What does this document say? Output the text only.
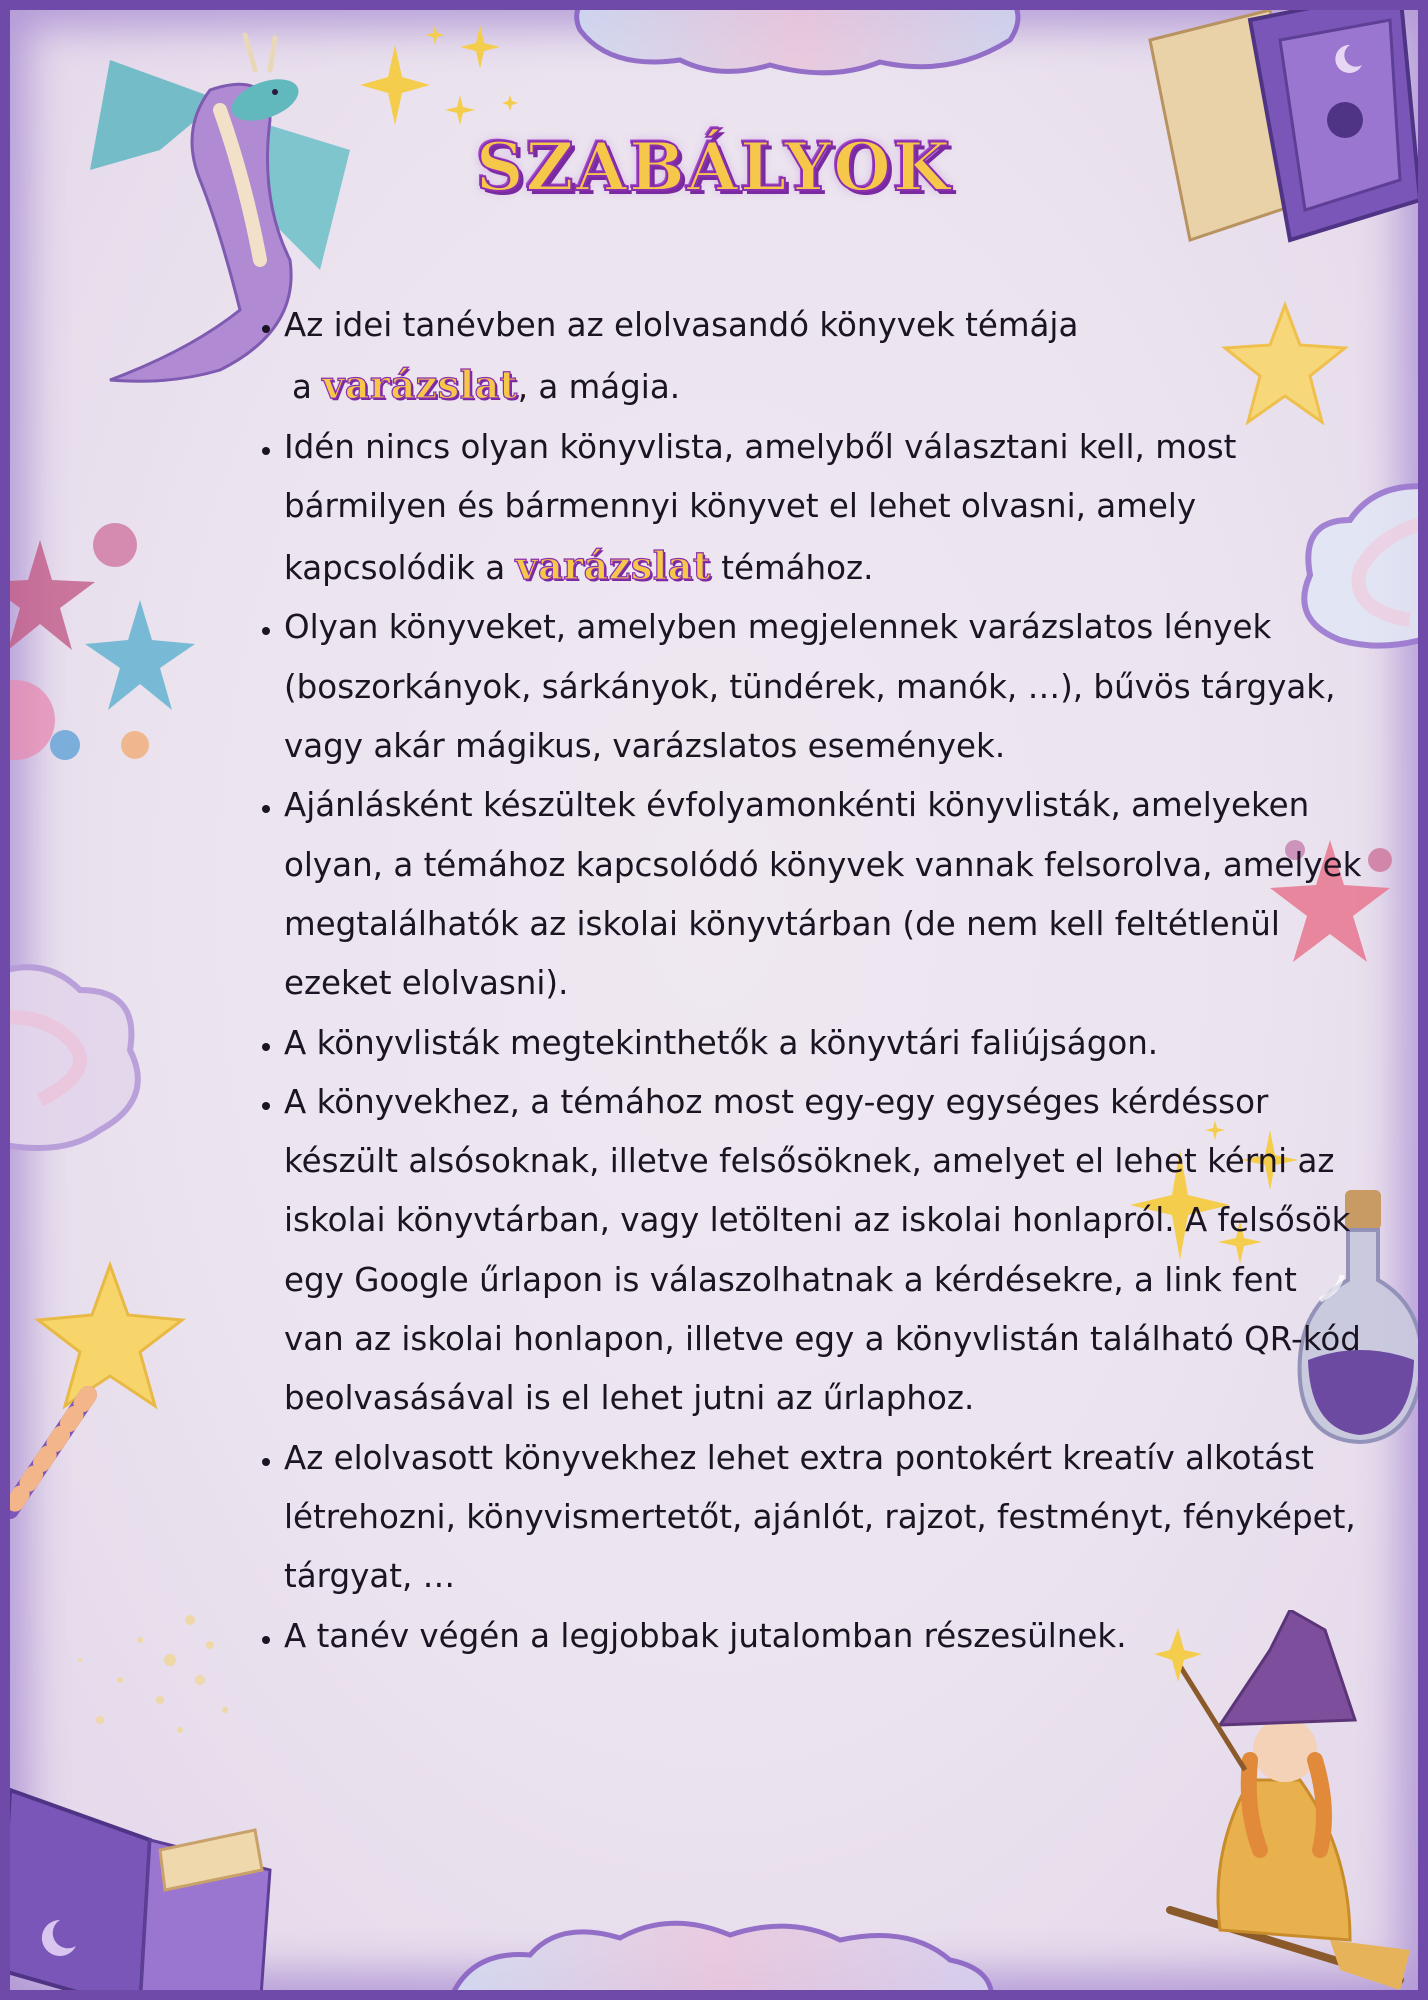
SZABÁLYOK
• Az idei tanévben az elolvasandó könyvek témája
a varázslat, a mágia.
• Idén nincs olyan könyvlista, amelyből választani kell, most bármilyen és bármennyi könyvet el lehet olvasni, amely kapcsolódik a varázslat témához.
• Olyan könyveket, amelyben megjelennek varázslatos lények (boszorkányok, sárkányok, tündérek, manók, …), bűvös tárgyak, vagy akár mágikus, varázslatos események.
• Ajánlásként készültek évfolyamonkénti könyvlisták, amelyeken olyan, a témához kapcsolódó könyvek vannak felsorolva, amelyek megtalálhatók az iskolai könyvtárban (de nem kell feltétlenül ezeket elolvasni).
• A könyvlisták megtekinthetők a könyvtári faliújságon.
• A könyvekhez, a témához most egy-egy egységes kérdéssor készült alsósoknak, illetve felsősöknek, amelyet el lehet kérni az iskolai könyvtárban, vagy letölteni az iskolai honlapról. A felsősök egy Google űrlapon is válaszolhatnak a kérdésekre, a link fent van az iskolai honlapon, illetve egy a könyvlistán található QR-kód beolvasásával is el lehet jutni az űrlaphoz.
• Az elolvasott könyvekhez lehet extra pontokért kreatív alkotást létrehozni, könyvismertetőt, ajánlót, rajzot, festményt, fényképet, tárgyat, …
• A tanév végén a legjobbak jutalomban részesülnek.
